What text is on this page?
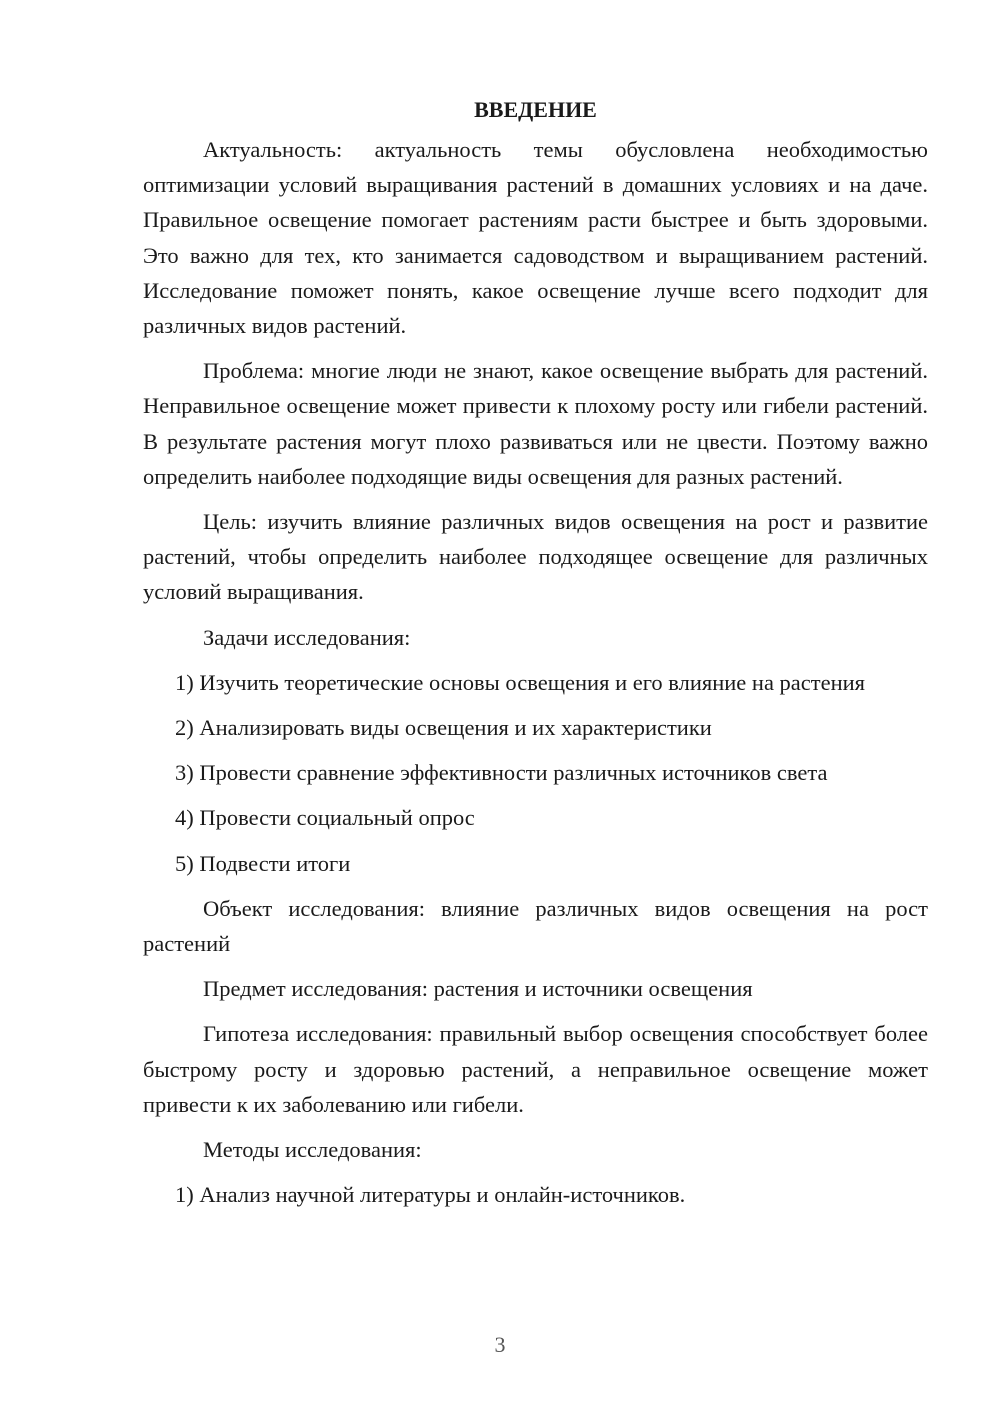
ВВЕДЕНИЕ

Актуальность: актуальность темы обусловлена необходимостью оптимизации условий выращивания растений в домашних условиях и на даче. Правильное освещение помогает растениям расти быстрее и быть здоровыми. Это важно для тех, кто занимается садоводством и выращиванием растений. Исследование поможет понять, какое освещение лучше всего подходит для различных видов растений.

Проблема: многие люди не знают, какое освещение выбрать для растений. Неправильное освещение может привести к плохому росту или гибели растений. В результате растения могут плохо развиваться или не цвести. Поэтому важно определить наиболее подходящие виды освещения для разных растений.

Цель: изучить влияние различных видов освещения на рост и развитие растений, чтобы определить наиболее подходящее освещение для различных условий выращивания.

Задачи исследования:

1) Изучить теоретические основы освещения и его влияние на растения

2) Анализировать виды освещения и их характеристики

3) Провести сравнение эффективности различных источников света

4) Провести социальный опрос

5) Подвести итоги

Объект исследования: влияние различных видов освещения на рост растений

Предмет исследования: растения и источники освещения

Гипотеза исследования: правильный выбор освещения способствует более быстрому росту и здоровью растений, а неправильное освещение может привести к их заболеванию или гибели.

Методы исследования:

1) Анализ научной литературы и онлайн-источников.

3
